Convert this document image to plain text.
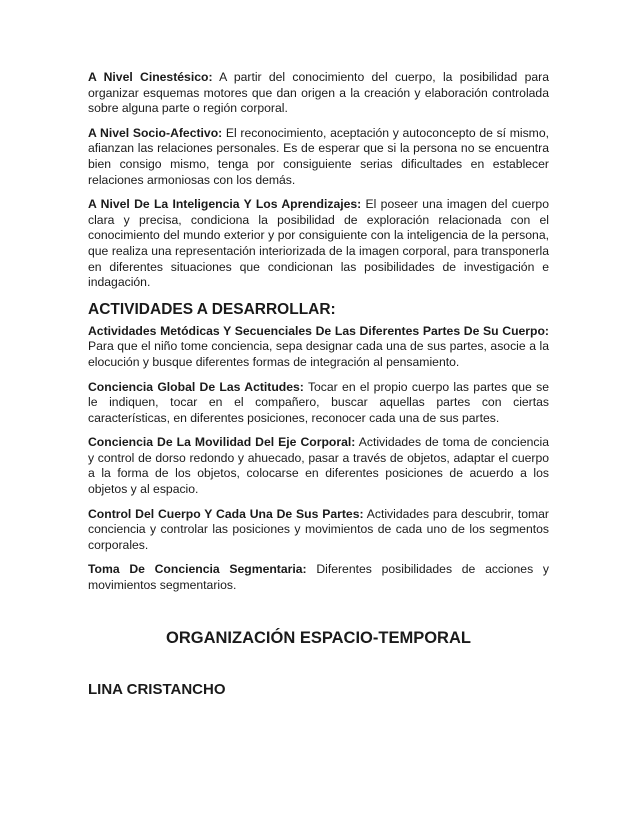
A Nivel Cinestésico: A partir del conocimiento del cuerpo, la posibilidad para organizar esquemas motores que dan origen a la creación y elaboración controlada sobre alguna parte o región corporal.

A Nivel Socio-Afectivo: El reconocimiento, aceptación y autoconcepto de sí mismo, afianzan las relaciones personales. Es de esperar que si la persona no se encuentra bien consigo mismo, tenga por consiguiente serias dificultades en establecer relaciones armoniosas con los demás.

A Nivel De La Inteligencia Y Los Aprendizajes: El poseer una imagen del cuerpo clara y precisa, condiciona la posibilidad de exploración relacionada con el conocimiento del mundo exterior y por consiguiente con la inteligencia de la persona, que realiza una representación interiorizada de la imagen corporal, para transponerla en diferentes situaciones que condicionan las posibilidades de investigación e indagación.

ACTIVIDADES A DESARROLLAR:

Actividades Metódicas Y Secuenciales De Las Diferentes Partes De Su Cuerpo: Para que el niño tome conciencia, sepa designar cada una de sus partes, asocie a la elocución y busque diferentes formas de integración al pensamiento.

Conciencia Global De Las Actitudes: Tocar en el propio cuerpo las partes que se le indiquen, tocar en el compañero, buscar aquellas partes con ciertas características, en diferentes posiciones, reconocer cada una de sus partes.

Conciencia De La Movilidad Del Eje Corporal: Actividades de toma de conciencia y control de dorso redondo y ahuecado, pasar a través de objetos, adaptar el cuerpo a la forma de los objetos, colocarse en diferentes posiciones de acuerdo a los objetos y al espacio.

Control Del Cuerpo Y Cada Una De Sus Partes: Actividades para descubrir, tomar conciencia y controlar las posiciones y movimientos de cada uno de los segmentos corporales.

Toma De Conciencia Segmentaria: Diferentes posibilidades de acciones y movimientos segmentarios.

ORGANIZACIÓN ESPACIO-TEMPORAL
LINA CRISTANCHO
